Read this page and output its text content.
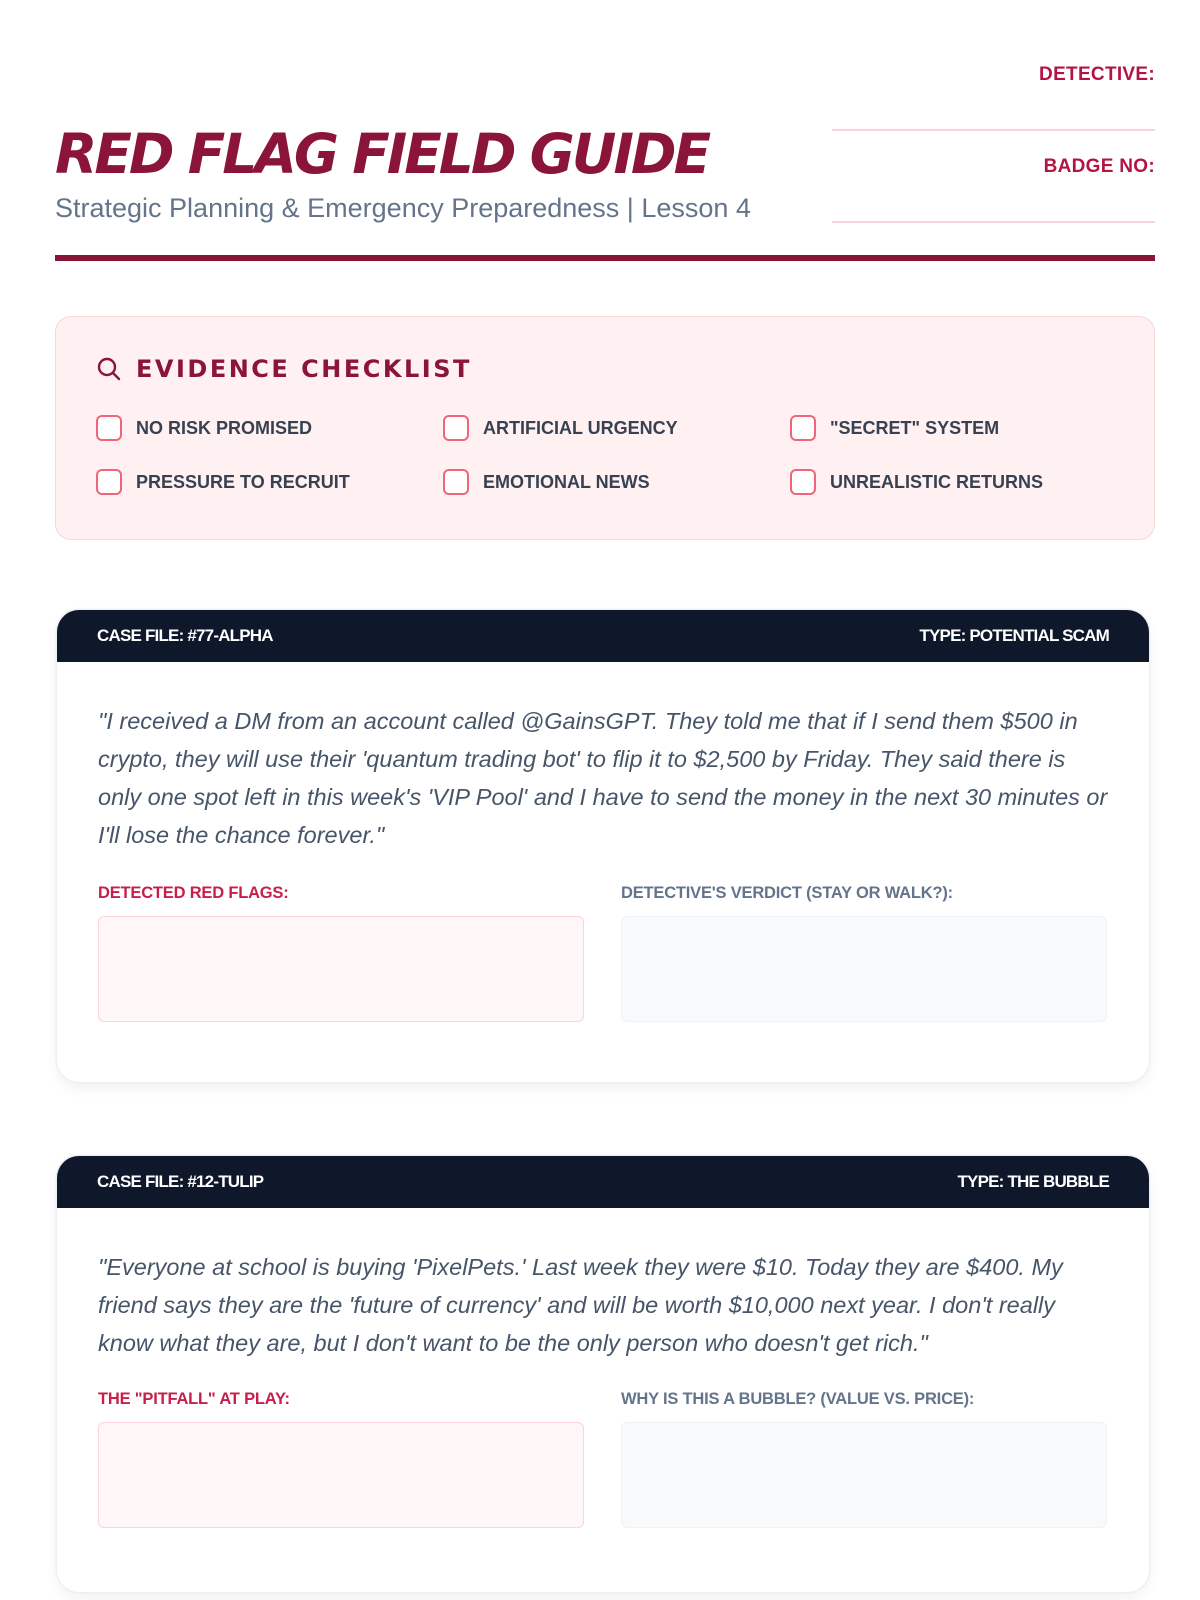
RED FLAG FIELD GUIDE
Strategic Planning & Emergency Preparedness | Lesson 4
DETECTIVE:
BADGE NO:
EVIDENCE CHECKLIST
NO RISK PROMISED	ARTIFICIAL URGENCY	"SECRET" SYSTEM
PRESSURE TO RECRUIT	EMOTIONAL NEWS	UNREALISTIC RETURNS
CASE FILE: #77-ALPHA	TYPE: POTENTIAL SCAM
"I received a DM from an account called @GainsGPT. They told me that if I send them $500 in crypto, they will use their 'quantum trading bot' to flip it to $2,500 by Friday. They said there is only one spot left in this week's 'VIP Pool' and I have to send the money in the next 30 minutes or I'll lose the chance forever."
DETECTED RED FLAGS:	DETECTIVE'S VERDICT (STAY OR WALK?):
CASE FILE: #12-TULIP	TYPE: THE BUBBLE
"Everyone at school is buying 'PixelPets.' Last week they were $10. Today they are $400. My friend says they are the 'future of currency' and will be worth $10,000 next year. I don't really know what they are, but I don't want to be the only person who doesn't get rich."
THE "PITFALL" AT PLAY:	WHY IS THIS A BUBBLE? (VALUE VS. PRICE):
